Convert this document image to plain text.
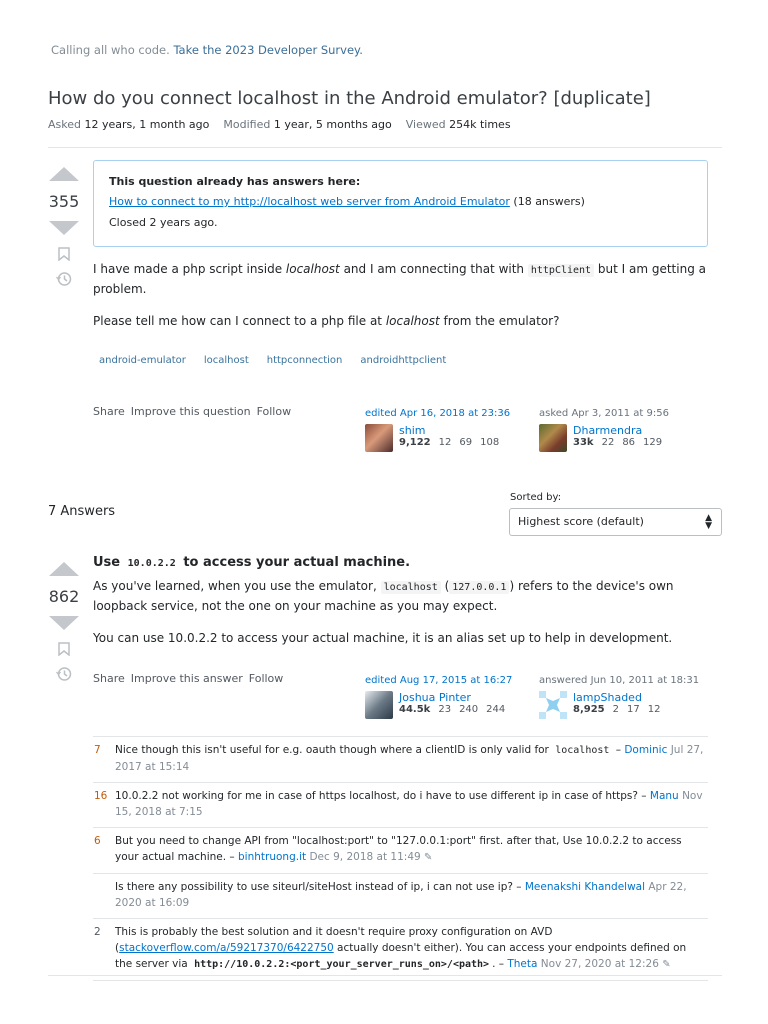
Calling all who code. Take the 2023 Developer Survey.
How do you connect localhost in the Android emulator? [duplicate]
Asked 12 years, 1 month ago Modified 1 year, 5 months ago Viewed 254k times
355
This question already has answers here:
How to connect to my http://localhost web server from Android Emulator (18 answers)
Closed 2 years ago.

I have made a php script inside localhost and I am connecting that with httpClient but I am getting a problem.

Please tell me how can I connect to a php file at localhost from the emulator?

android-emulator	localhost	httpconnection	androidhttpclient
Share Improve this question Follow	edited Apr 16, 2018 at 23:36
shim
9,122 12 69 108
asked Apr 3, 2011 at 9:56
Dharmendra
33k 22 86 129
7 Answers
Sorted by:
Highest score (default)	▲
▼
862
Use 10.0.2.2 to access your actual machine.

As you've learned, when you use the emulator, localhost ( 127.0.0.1 ) refers to the device's own loopback service, not the one on your machine as you may expect.

You can use 10.0.2.2 to access your actual machine, it is an alias set up to help in development.

Share Improve this answer Follow	edited Aug 17, 2015 at 16:27
Joshua Pinter
44.5k 23 240 244
answered Jun 10, 2011 at 18:31
lampShaded
8,925 2 17 12
7	Nice though this isn't useful for e.g. oauth though where a clientID is only valid for localhost – Dominic Jul 27, 2017 at 15:14
16 10.0.2.2 not working for me in case of https localhost, do i have to use different ip in case of https? – Manu Nov 15, 2018 at 7:15
6	But you need to change API from "localhost:port" to "127.0.0.1:port" first. after that, Use 10.0.2.2 to access your actual machine. – binhtruong.it Dec 9, 2018 at 11:49 ✎
Is there any possibility to use siteurl/siteHost instead of ip, i can not use ip? – Meenakshi Khandelwal Apr 22, 2020 at 16:09
2	This is probably the best solution and it doesn't require proxy configuration on AVD (stackoverflow.com/a/59217370/6422750 actually doesn't either). You can access your endpoints defined on the server via http://10.0.2.2:<port_your_server_runs_on>/<path> . – Theta Nov 27, 2020 at 12:26 ✎
